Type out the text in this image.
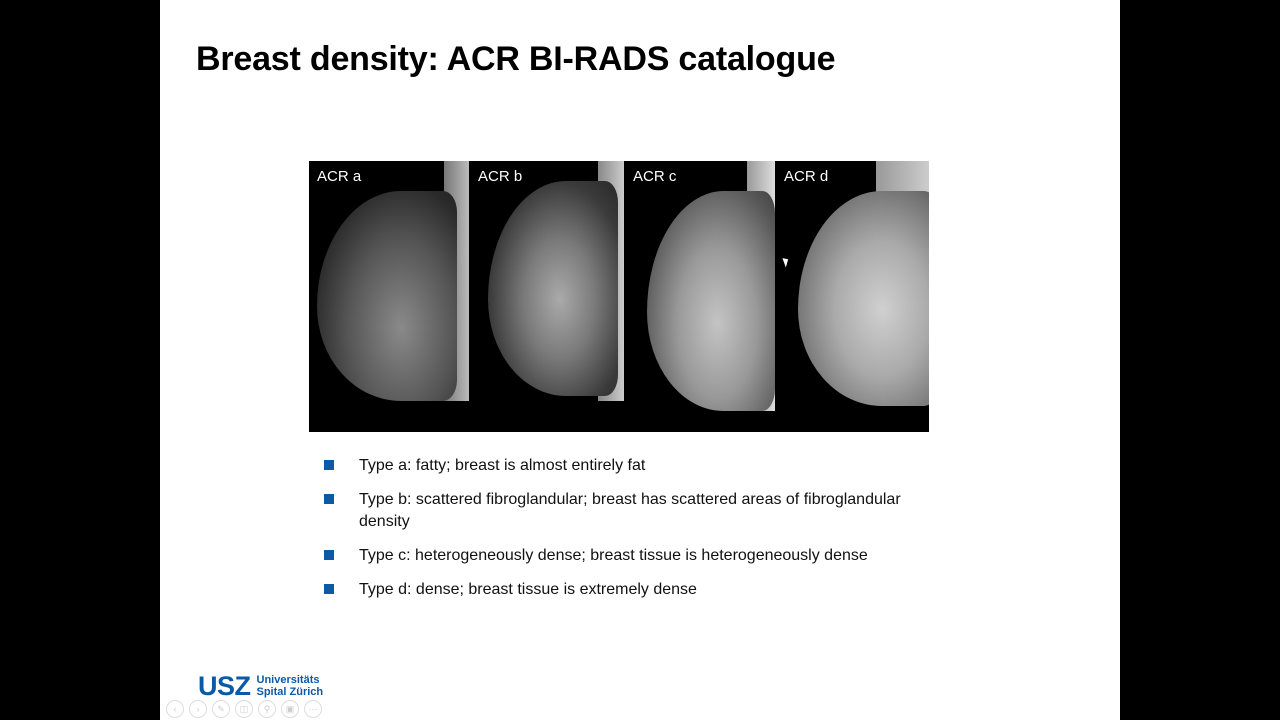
Breast density: ACR BI-RADS catalogue
ACR a	ACR b	ACR c	ACR d
Type a: fatty; breast is almost entirely fat
Type b: scattered fibroglandular; breast has scattered areas of fibroglandular density
Type c: heterogeneously dense; breast tissue is heterogeneously dense
Type d: dense; breast tissue is extremely dense
USZ Universitäts
Spital Zürich
‹	›	✎	◫	⚲	▣	⋯
